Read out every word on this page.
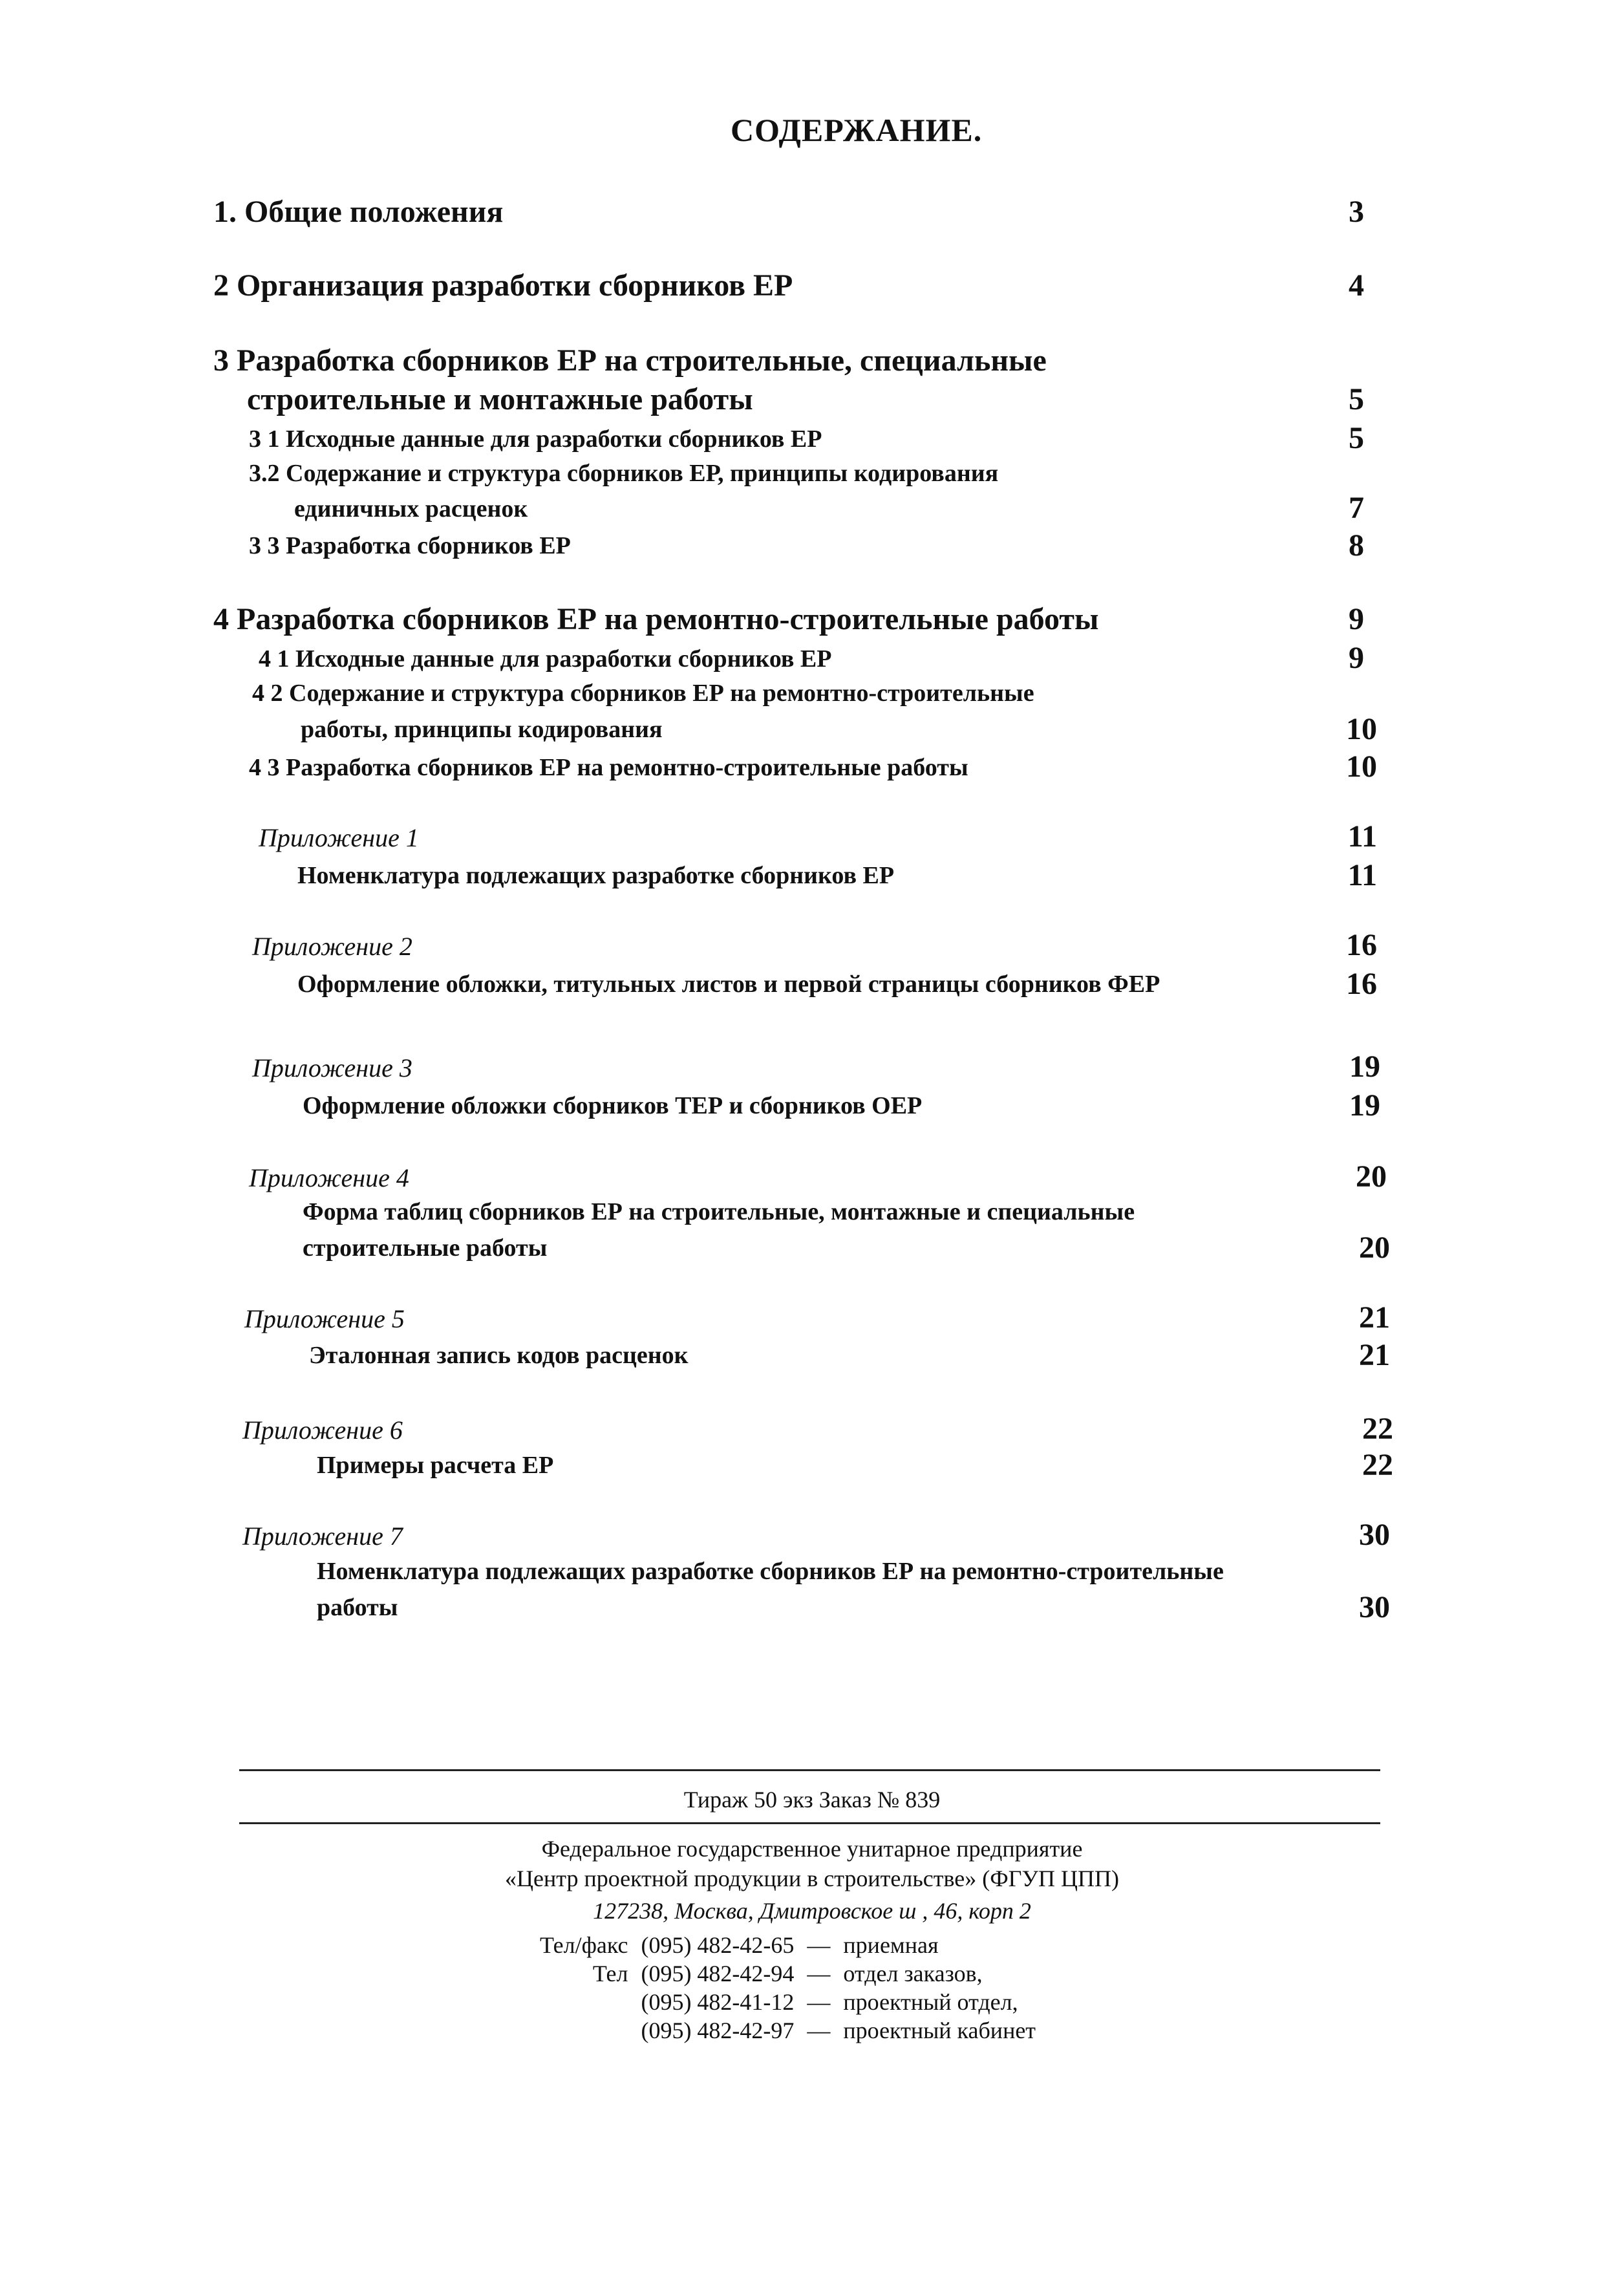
СОДЕРЖАНИЕ.
1. Общие положения	3
2 Организация разработки сборников ЕР	4
3 Разработка сборников ЕР на строительные, специальные
строительные и монтажные работы	5
3 1 Исходные данные для разработки сборников ЕР	5
3.2 Содержание и структура сборников ЕР, принципы кодирования
единичных расценок	7
3 3 Разработка сборников ЕР	8
4 Разработка сборников ЕР на ремонтно-строительные работы	9
4 1 Исходные данные для разработки сборников ЕР	9
4 2 Содержание и структура сборников ЕР на ремонтно-строительные
работы, принципы кодирования	10
4 3 Разработка сборников ЕР на ремонтно-строительные работы	10
Приложение 1	11
Номенклатура подлежащих разработке сборников ЕР	11
Приложение 2	16
Оформление обложки, титульных листов и первой страницы сборников ФЕР	16
Приложение 3	19
Оформление обложки сборников ТЕР и сборников ОЕР	19
Приложение 4	20
Форма таблиц сборников ЕР на строительные, монтажные и специальные
строительные работы	20
Приложение 5	21
Эталонная запись кодов расценок	21
Приложение 6	22
Примеры расчета ЕР	22
Приложение 7	30
Номенклатура подлежащих разработке сборников ЕР на ремонтно-строительные
работы	30
Тираж 50 экз Заказ № 839
Федеральное государственное унитарное предприятие
«Центр проектной продукции в строительстве» (ФГУП ЦПП)
127238, Москва, Дмитровское ш , 46, корп 2
Тел/факс	(095) 482-42-65	—	приемная
Тел	(095) 482-42-94	—	отдел заказов,
	(095) 482-41-12	—	проектный отдел,
	(095) 482-42-97	—	проектный кабинет
